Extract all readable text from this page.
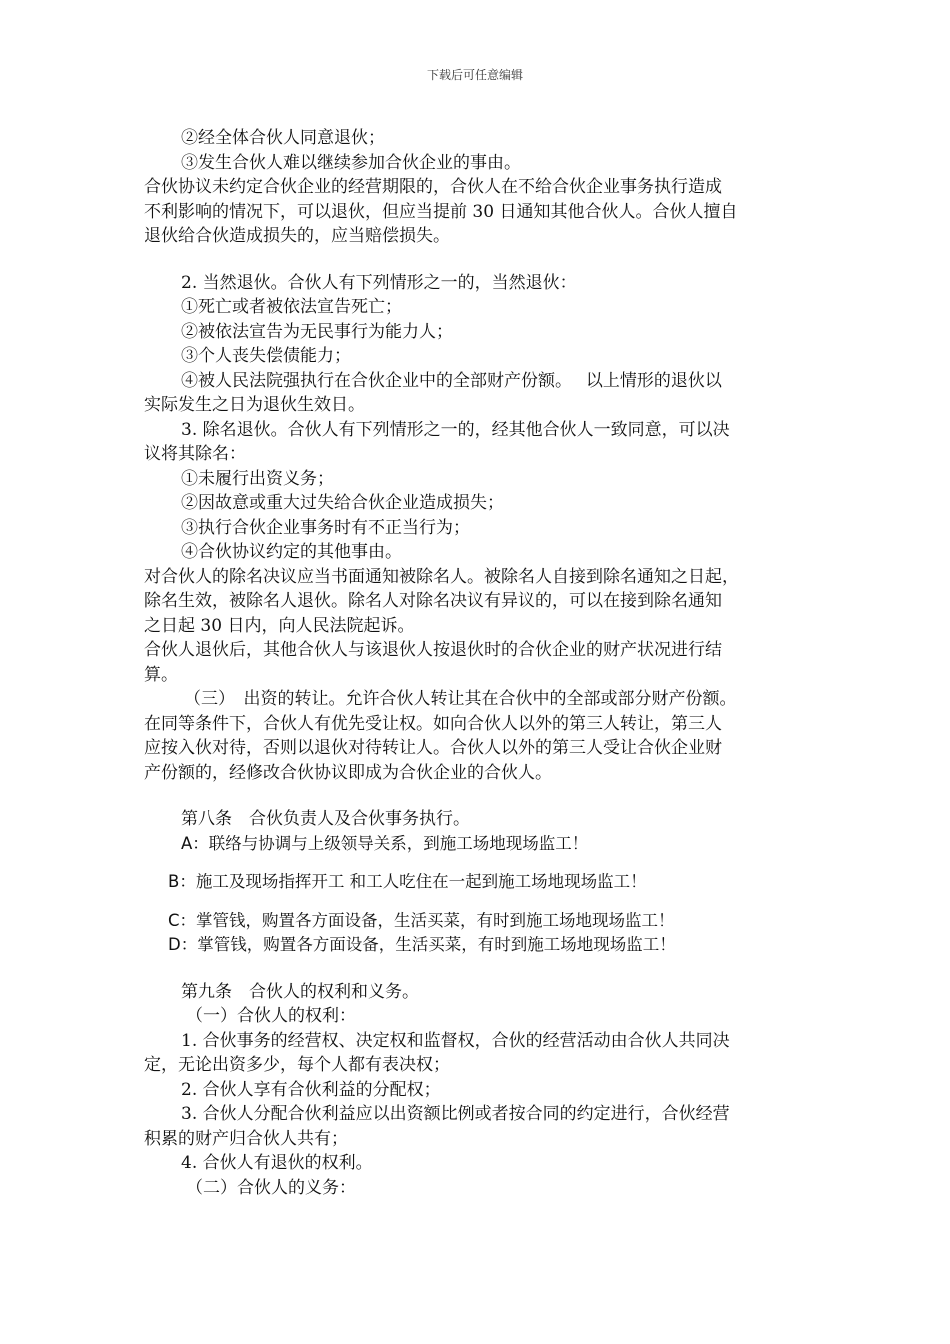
下载后可任意编辑
②经全体合伙人同意退伙；
③发生合伙人难以继续参加合伙企业的事由。
合伙协议未约定合伙企业的经营期限的，合伙人在不给合伙企业事务执行造成
不利影响的情况下，可以退伙，但应当提前 30 日通知其他合伙人。合伙人擅自
退伙给合伙造成损失的，应当赔偿损失。
2. 当然退伙。合伙人有下列情形之一的，当然退伙：
①死亡或者被依法宣告死亡；
②被依法宣告为无民事行为能力人；
③个人丧失偿债能力；
④被人民法院强执行在合伙企业中的全部财产份额。　 以上情形的退伙以
实际发生之日为退伙生效日。
3. 除名退伙。合伙人有下列情形之一的，经其他合伙人一致同意，可以决
议将其除名：
①未履行出资义务；
②因故意或重大过失给合伙企业造成损失；
③执行合伙企业事务时有不正当行为；
④合伙协议约定的其他事由。
对合伙人的除名决议应当书面通知被除名人。被除名人自接到除名通知之日起，
除名生效，被除名人退伙。除名人对除名决议有异议的，可以在接到除名通知
之日起 30 日内，向人民法院起诉。
合伙人退伙后，其他合伙人与该退伙人按退伙时的合伙企业的财产状况进行结
算。
（三）　出资的转让。允许合伙人转让其在合伙中的全部或部分财产份额。
在同等条件下，合伙人有优先受让权。如向合伙人以外的第三人转让，第三人
应按入伙对待，否则以退伙对待转让人。合伙人以外的第三人受让合伙企业财
产份额的，经修改合伙协议即成为合伙企业的合伙人。
第八条　合伙负责人及合伙事务执行。
A：联络与协调与上级领导关系，到施工场地现场监工！
B：施工及现场指挥开工 和工人吃住在一起到施工场地现场监工！
C：掌管钱，购置各方面设备，生活买菜，有时到施工场地现场监工！
D：掌管钱，购置各方面设备，生活买菜，有时到施工场地现场监工！
第九条　合伙人的权利和义务。
（一）合伙人的权利：
1. 合伙事务的经营权、决定权和监督权，合伙的经营活动由合伙人共同决
定，无论出资多少，每个人都有表决权；
2. 合伙人享有合伙利益的分配权；
3. 合伙人分配合伙利益应以出资额比例或者按合同的约定进行，合伙经营
积累的财产归合伙人共有；
4. 合伙人有退伙的权利。
（二）合伙人的义务：
